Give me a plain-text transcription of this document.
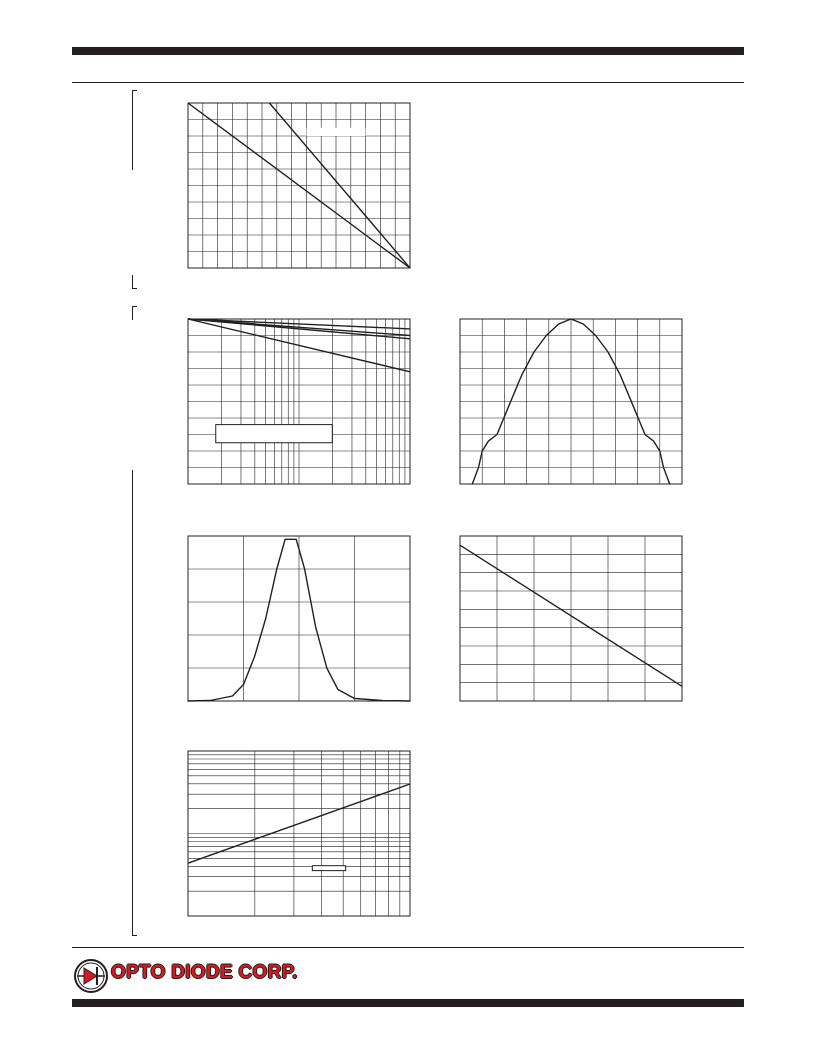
OPTO DIODE CORP.
